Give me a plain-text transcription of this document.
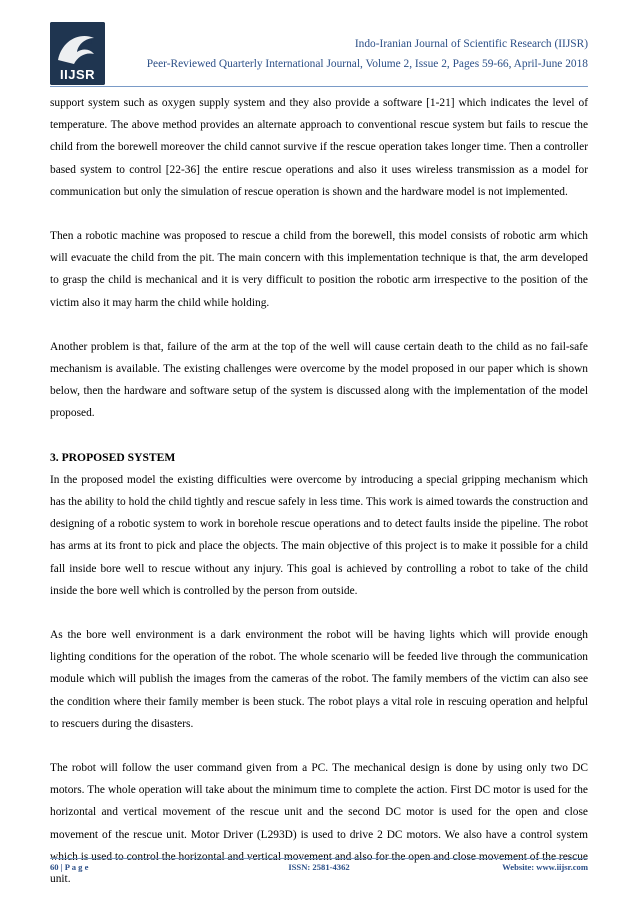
IIJSR
Indo-Iranian Journal of Scientific Research (IIJSR)
Peer-Reviewed Quarterly International Journal, Volume 2, Issue 2, Pages 59-66, April-June 2018

support system such as oxygen supply system and they also provide a software [1-21] which indicates the level of temperature. The above method provides an alternate approach to conventional rescue system but fails to rescue the child from the borewell moreover the child cannot survive if the rescue operation takes longer time. Then a controller based system to control [22-36] the entire rescue operations and also it uses wireless transmission as a model for communication but only the simulation of rescue operation is shown and the hardware model is not implemented.

Then a robotic machine was proposed to rescue a child from the borewell, this model consists of robotic arm which will evacuate the child from the pit. The main concern with this implementation technique is that, the arm developed to grasp the child is mechanical and it is very difficult to position the robotic arm irrespective to the position of the victim also it may harm the child while holding.

Another problem is that, failure of the arm at the top of the well will cause certain death to the child as no fail-safe mechanism is available. The existing challenges were overcome by the model proposed in our paper which is shown below, then the hardware and software setup of the system is discussed along with the implementation of the model proposed.

3. PROPOSED SYSTEM

In the proposed model the existing difficulties were overcome by introducing a special gripping mechanism which has the ability to hold the child tightly and rescue safely in less time. This work is aimed towards the construction and designing of a robotic system to work in borehole rescue operations and to detect faults inside the pipeline. The robot has arms at its front to pick and place the objects. The main objective of this project is to make it possible for a child fall inside bore well to rescue without any injury. This goal is achieved by controlling a robot to take of the child inside the bore well which is controlled by the person from outside.

As the bore well environment is a dark environment the robot will be having lights which will provide enough lighting conditions for the operation of the robot. The whole scenario will be feeded live through the communication module which will publish the images from the cameras of the robot. The family members of the victim can also see the condition where their family member is been stuck. The robot plays a vital role in rescuing operation and helpful to rescuers during the disasters.

The robot will follow the user command given from a PC. The mechanical design is done by using only two DC motors. The whole operation will take about the minimum time to complete the action. First DC motor is used for the horizontal and vertical movement of the rescue unit and the second DC motor is used for the open and close movement of the rescue unit. Motor Driver (L293D) is used to drive 2 DC motors. We also have a control system which is used to control the horizontal and vertical movement and also for the open and close movement of the rescue unit.

60 | P a g e	ISSN: 2581-4362	Website: www.iijsr.com
